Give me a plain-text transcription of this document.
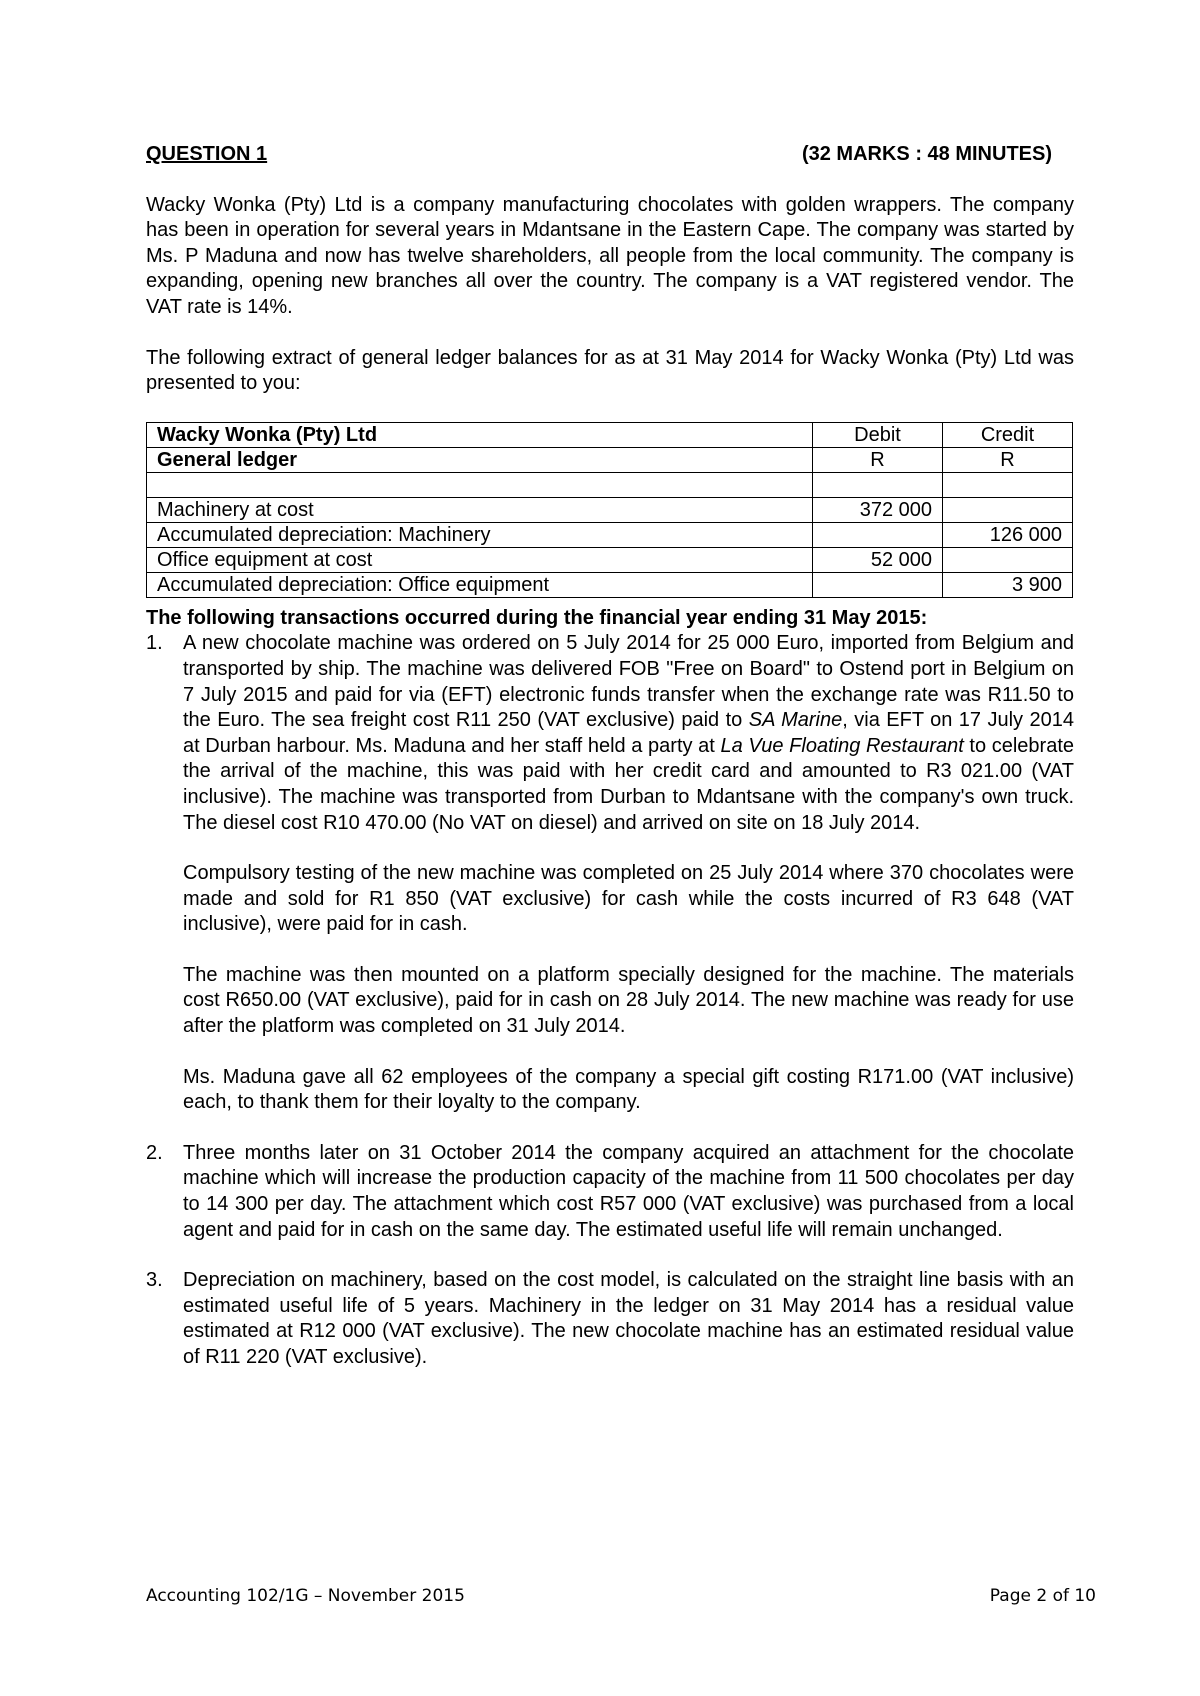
QUESTION 1	(32 MARKS : 48 MINUTES)

Wacky Wonka (Pty) Ltd is a company manufacturing chocolates with golden wrappers. The company has been in operation for several years in Mdantsane in the Eastern Cape. The company was started by Ms. P Maduna and now has twelve shareholders, all people from the local community. The company is expanding, opening new branches all over the country. The company is a VAT registered vendor. The VAT rate is 14%.

The following extract of general ledger balances for as at 31 May 2014 for Wacky Wonka (Pty) Ltd was presented to you:

Wacky Wonka (Pty) Ltd	Debit	Credit
General ledger	R	R

Machinery at cost	372 000	
Accumulated depreciation: Machinery		126 000
Office equipment at cost	52 000	
Accumulated depreciation: Office equipment		3 900

The following transactions occurred during the financial year ending 31 May 2015:

1. A new chocolate machine was ordered on 5 July 2014 for 25 000 Euro, imported from Belgium and transported by ship. The machine was delivered FOB "Free on Board" to Ostend port in Belgium on 7 July 2015 and paid for via (EFT) electronic funds transfer when the exchange rate was R11.50 to the Euro. The sea freight cost R11 250 (VAT exclusive) paid to SA Marine, via EFT on 17 July 2014 at Durban harbour. Ms. Maduna and her staff held a party at La Vue Floating Restaurant to celebrate the arrival of the machine, this was paid with her credit card and amounted to R3 021.00 (VAT inclusive). The machine was transported from Durban to Mdantsane with the company's own truck. The diesel cost R10 470.00 (No VAT on diesel) and arrived on site on 18 July 2014.

Compulsory testing of the new machine was completed on 25 July 2014 where 370 chocolates were made and sold for R1 850 (VAT exclusive) for cash while the costs incurred of R3 648 (VAT inclusive), were paid for in cash.

The machine was then mounted on a platform specially designed for the machine. The materials cost R650.00 (VAT exclusive), paid for in cash on 28 July 2014. The new machine was ready for use after the platform was completed on 31 July 2014.

Ms. Maduna gave all 62 employees of the company a special gift costing R171.00 (VAT inclusive) each, to thank them for their loyalty to the company.

2. Three months later on 31 October 2014 the company acquired an attachment for the chocolate machine which will increase the production capacity of the machine from 11 500 chocolates per day to 14 300 per day. The attachment which cost R57 000 (VAT exclusive) was purchased from a local agent and paid for in cash on the same day. The estimated useful life will remain unchanged.

3. Depreciation on machinery, based on the cost model, is calculated on the straight line basis with an estimated useful life of 5 years. Machinery in the ledger on 31 May 2014 has a residual value estimated at R12 000 (VAT exclusive). The new chocolate machine has an estimated residual value of R11 220 (VAT exclusive).

Accounting 102/1G – November 2015	Page 2 of 10
